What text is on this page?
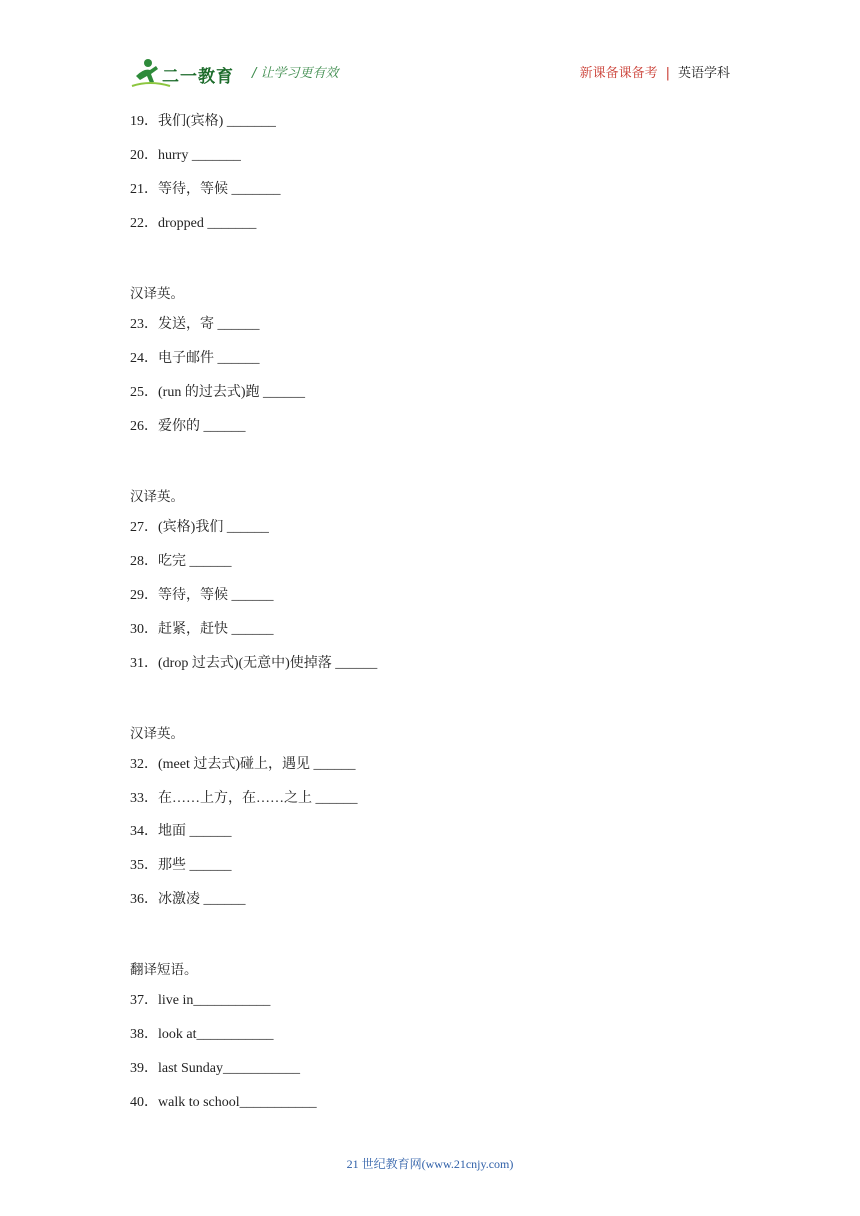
二一教育 / 让学习更有效	新课备课备考 | 英语学科
19．我们(宾格) _______
20．hurry _______
21．等待，等候 _______
22．dropped _______
汉译英。
23．发送，寄 ______
24．电子邮件 ______
25．(run 的过去式)跑 ______
26．爱你的 ______
汉译英。
27．(宾格)我们 ______
28．吃完 ______
29．等待，等候 ______
30．赶紧，赶快 ______
31．(drop 过去式)(无意中)使掉落 ______
汉译英。
32．(meet 过去式)碰上，遇见 ______
33．在……上方，在……之上 ______
34．地面 ______
35．那些 ______
36．冰激凌 ______
翻译短语。
37．live in___________
38．look at___________
39．last Sunday___________
40．walk to school___________
21 世纪教育网(www.21cnjy.com)
